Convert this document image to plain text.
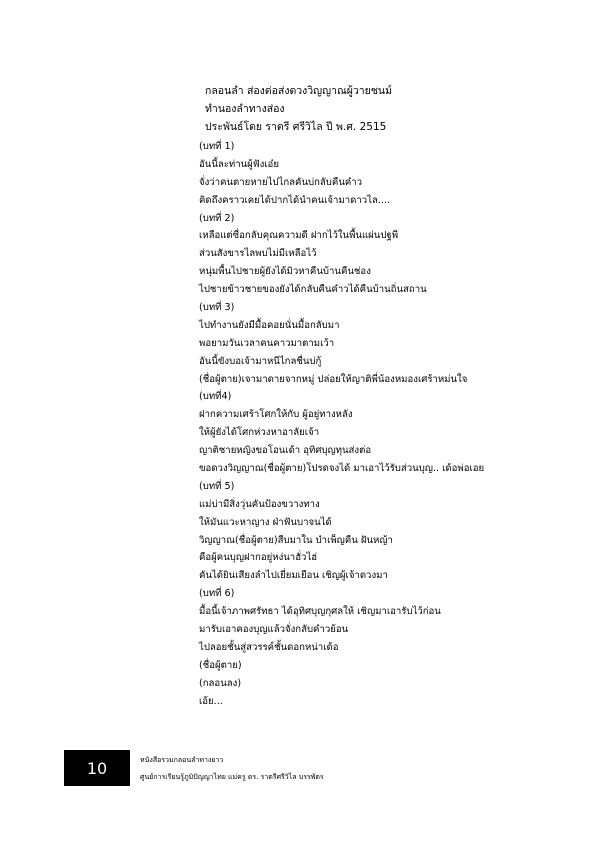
กลอนลำ ส่องต่อส่งดวงวิญญาณผู้วายชนม์
ทำนองลำทางส่อง
ประพันธ์โดย ราตรี ศรีวิไล ปี พ.ศ. 2515
(บทที่ 1)
อันนี้ละท่านผู้ฟังเอ๋ย
จั่งว่าคนตายหายไปไกลคันบ่กลับคืนคำว
คิดถึงคราวเคยได้ปากได้นำคนเจ้ามาดาวไล....
(บทที่ 2)
เหลือแต่ซื่อกลับคุณความดี ฝากไว้ในพื้นแผ่นปฐพี
ส่วนสังขารไลพบไม่มีเหลือไว้
หนุ่มพื้นไปชายผู้ยังได้มิวหาคืนบ้านคืนช่อง
ไปชายข้าวชายของยังได้กลับคืนคำวได้คืนบ้านถิ่นสถาน
(บทที่ 3)
ไปทำงานยังมีมื้อคอยนั่นมื้อกลับมา
พอยามวันเวลาคนคาวมาตามเว้า
อันนี้ขังบอเจ้ามาหนีไกลชื่นบ่กู้
(ชื่อผู้ตาย)เจามาดายจากหมู่ ปล่อยให้ญาติพี่น้องหมองเศร้าหม่นใจ
(บทที่4)
ฝากความเศร้าโศกให้กับ ผู้อยู่ทางหลัง
ให้ผู้ยังได้โศกห่วงหาอาลัยเจ้า
ญาติชายหญิงขอโอนเด้า อุทิศบุญทุนส่งต่อ
ขอดวงวิญญาณ(ชื่อผู้ตาย)โปรดจงได้ มาเอาไว้รับส่วนบุญ.. เด้อพ่อเอย
(บทที่ 5)
แม่บ่ามีสิ่งวุ่นคันป้องขวางทาง
ให้มันแวะหาญาง ฝ่าฟันบาจนได้
วิญญาณ(ชื่อผู้ตาย)สืบมาใน บำเพ็ญคืน ฝันหญ้า
คือผู้คนบุญฝากอยู่หง่นาฮั่วไฮ่
คันได้ยินเสียงลำไปเยี่ยมเยือน เชิญผู้เจ้าดวงมา
(บทที่ 6)
มื้อนี้เจ้าภาพศรัทธา ได้อุทิศบุญกุศลให้ เชิญมาเอารับไว้ก่อน
มารับเอาคองบุญแล้วจั่งกลับคำวย้อน
ไปลอยชั้นสู่สวรรค์ชั้นดอกหน่าเด้อ
(ชื่อผู้ตาย)
(กลอนลง)
เอ้ย...
10	หนังสือรวมกลอนลำทางยาว
ศูนย์การเรียนรู้ภูมิปัญญาไทย แม่ครู ดร. ราตรีศรีวิไล บรรพัตร
